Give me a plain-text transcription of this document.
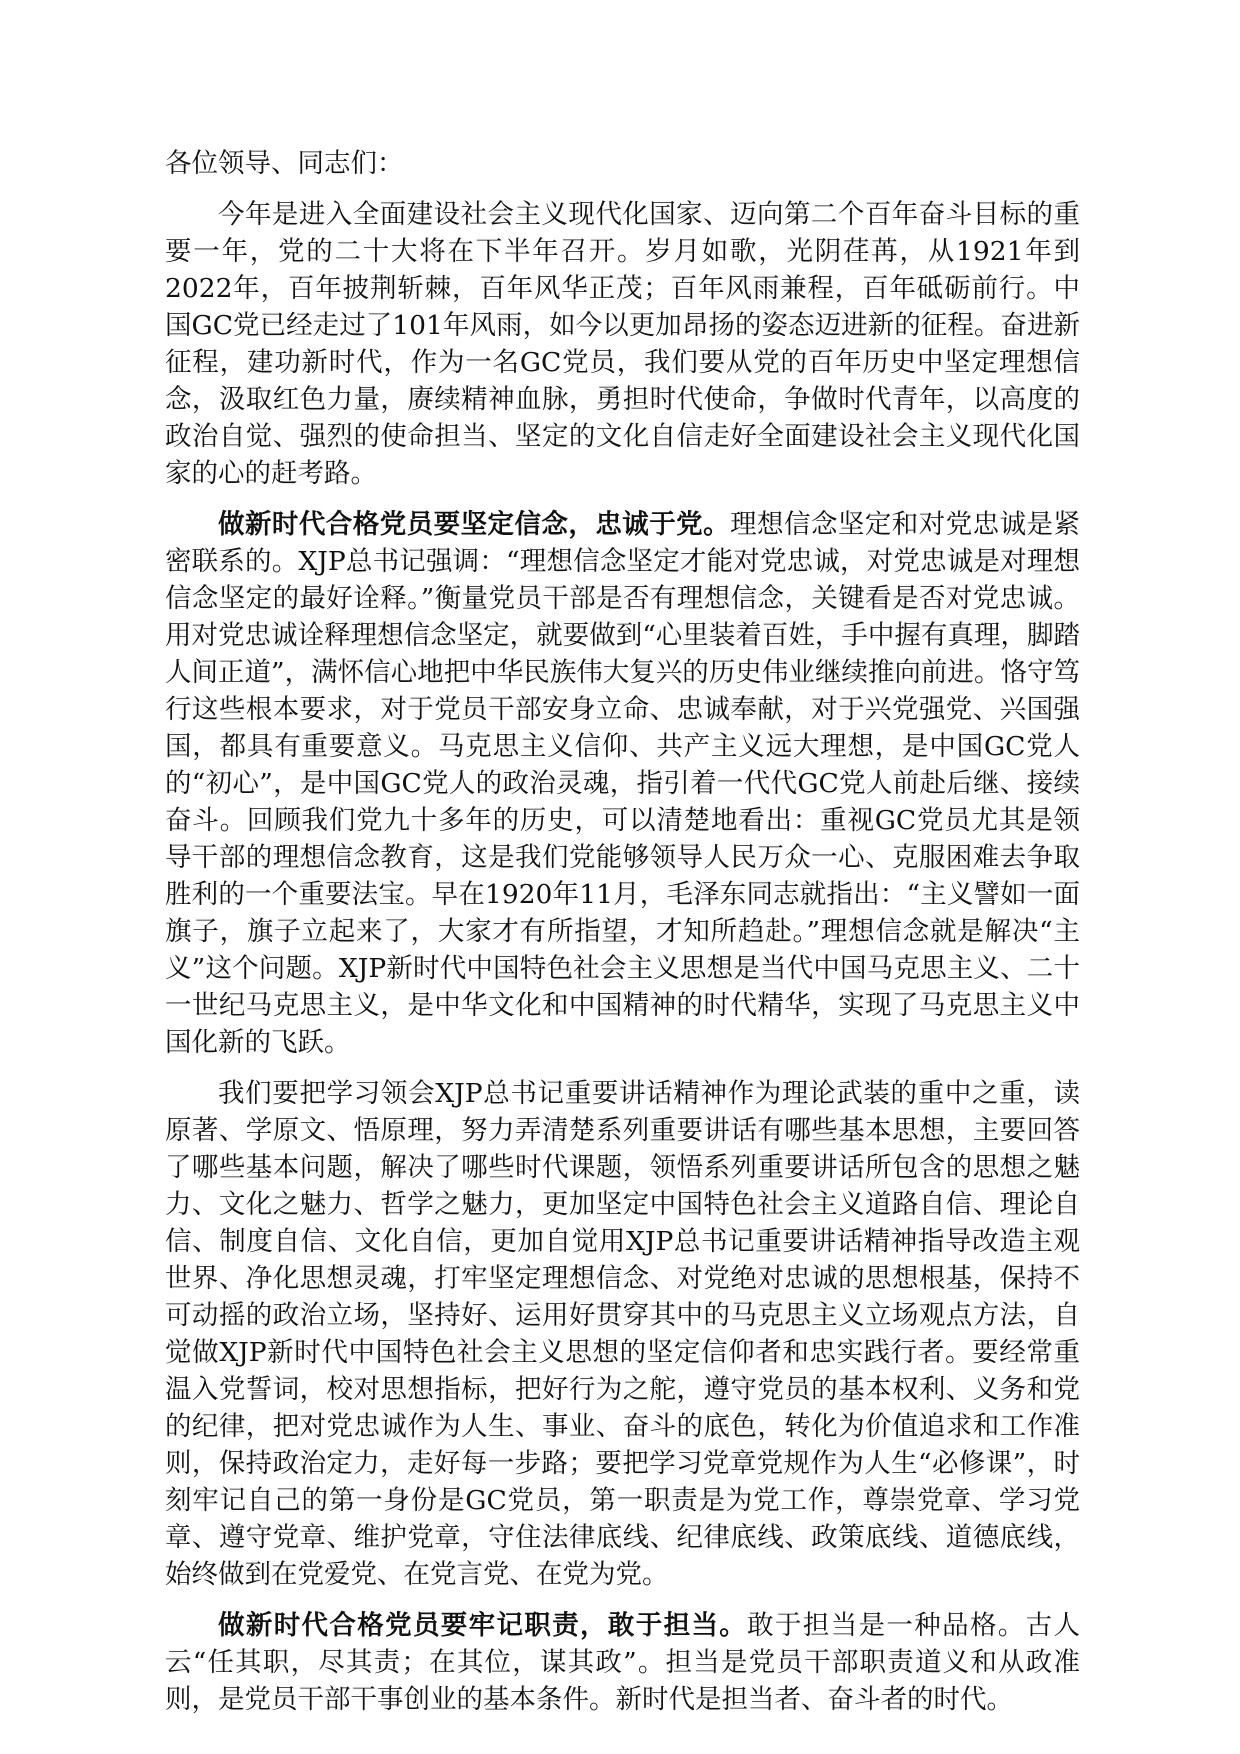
各位领导、同志们：

今年是进入全面建设社会主义现代化国家、迈向第二个百年奋斗目标的重要一年，党的二十大将在下半年召开。岁月如歌，光阴荏苒，从1921年到2022年，百年披荆斩棘，百年风华正茂；百年风雨兼程，百年砥砺前行。中国GC党已经走过了101年风雨，如今以更加昂扬的姿态迈进新的征程。奋进新征程，建功新时代，作为一名GC党员，我们要从党的百年历史中坚定理想信念，汲取红色力量，赓续精神血脉，勇担时代使命，争做时代青年，以高度的政治自觉、强烈的使命担当、坚定的文化自信走好全面建设社会主义现代化国家的心的赶考路。

做新时代合格党员要坚定信念，忠诚于党。理想信念坚定和对党忠诚是紧密联系的。XJP总书记强调：“理想信念坚定才能对党忠诚，对党忠诚是对理想信念坚定的最好诠释。”衡量党员干部是否有理想信念，关键看是否对党忠诚。用对党忠诚诠释理想信念坚定，就要做到“心里装着百姓，手中握有真理，脚踏人间正道”，满怀信心地把中华民族伟大复兴的历史伟业继续推向前进。恪守笃行这些根本要求，对于党员干部安身立命、忠诚奉献，对于兴党强党、兴国强国，都具有重要意义。马克思主义信仰、共产主义远大理想，是中国GC党人的“初心”，是中国GC党人的政治灵魂，指引着一代代GC党人前赴后继、接续奋斗。回顾我们党九十多年的历史，可以清楚地看出：重视GC党员尤其是领导干部的理想信念教育，这是我们党能够领导人民万众一心、克服困难去争取胜利的一个重要法宝。早在1920年11月，毛泽东同志就指出：“主义譬如一面旗子，旗子立起来了，大家才有所指望，才知所趋赴。”理想信念就是解决“主义”这个问题。XJP新时代中国特色社会主义思想是当代中国马克思主义、二十一世纪马克思主义，是中华文化和中国精神的时代精华，实现了马克思主义中国化新的飞跃。

我们要把学习领会XJP总书记重要讲话精神作为理论武装的重中之重，读原著、学原文、悟原理，努力弄清楚系列重要讲话有哪些基本思想，主要回答了哪些基本问题，解决了哪些时代课题，领悟系列重要讲话所包含的思想之魅力、文化之魅力、哲学之魅力，更加坚定中国特色社会主义道路自信、理论自信、制度自信、文化自信，更加自觉用XJP总书记重要讲话精神指导改造主观世界、净化思想灵魂，打牢坚定理想信念、对党绝对忠诚的思想根基，保持不可动摇的政治立场，坚持好、运用好贯穿其中的马克思主义立场观点方法，自觉做XJP新时代中国特色社会主义思想的坚定信仰者和忠实践行者。要经常重温入党誓词，校对思想指标，把好行为之舵，遵守党员的基本权利、义务和党的纪律，把对党忠诚作为人生、事业、奋斗的底色，转化为价值追求和工作准则，保持政治定力，走好每一步路；要把学习党章党规作为人生“必修课”，时刻牢记自己的第一身份是GC党员，第一职责是为党工作，尊崇党章、学习党章、遵守党章、维护党章，守住法律底线、纪律底线、政策底线、道德底线，始终做到在党爱党、在党言党、在党为党。

做新时代合格党员要牢记职责，敢于担当。敢于担当是一种品格。古人云“任其职，尽其责；在其位，谋其政”。担当是党员干部职责道义和从政准则，是党员干部干事创业的基本条件。新时代是担当者、奋斗者的时代。
